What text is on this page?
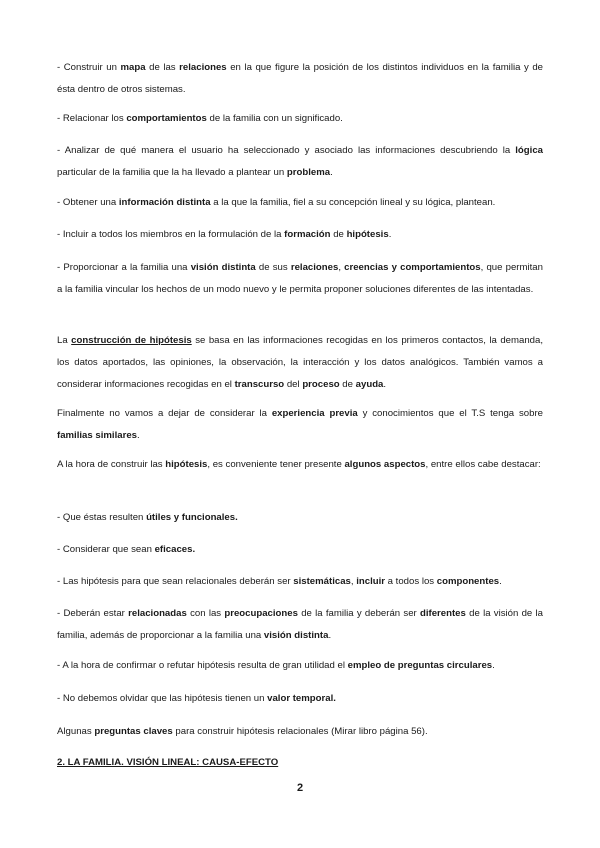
- Construir un mapa de las relaciones en la que figure la posición de los distintos individuos en la familia y de ésta dentro de otros sistemas.

- Relacionar los comportamientos de la familia con un significado.

- Analizar de qué manera el usuario ha seleccionado y asociado las informaciones descubriendo la lógica particular de la familia que la ha llevado a plantear un problema.

- Obtener una información distinta a la que la familia, fiel a su concepción lineal y su lógica, plantean.

- Incluir a todos los miembros en la formulación de la formación de hipótesis.

- Proporcionar a la familia una visión distinta de sus relaciones, creencias y comportamientos, que permitan a la familia vincular los hechos de un modo nuevo y le permita proponer soluciones diferentes de las intentadas.

La construcción de hipótesis se basa en las informaciones recogidas en los primeros contactos, la demanda, los datos aportados, las opiniones, la observación, la interacción y los datos analógicos. También vamos a considerar informaciones recogidas en el transcurso del proceso de ayuda.

Finalmente no vamos a dejar de considerar la experiencia previa y conocimientos que el T.S tenga sobre familias similares.

A la hora de construir las hipótesis, es conveniente tener presente algunos aspectos, entre ellos cabe destacar:

- Que éstas resulten útiles y funcionales.

- Considerar que sean eficaces.

- Las hipótesis para que sean relacionales deberán ser sistemáticas, incluir a todos los componentes.

- Deberán estar relacionadas con las preocupaciones de la familia y deberán ser diferentes de la visión de la familia, además de proporcionar a la familia una visión distinta.

- A la hora de confirmar o refutar hipótesis resulta de gran utilidad el empleo de preguntas circulares.

- No debemos olvidar que las hipótesis tienen un valor temporal.

Algunas preguntas claves para construir hipótesis relacionales (Mirar libro página 56).

2. LA FAMILIA. VISIÓN LINEAL: CAUSA-EFECTO

2
